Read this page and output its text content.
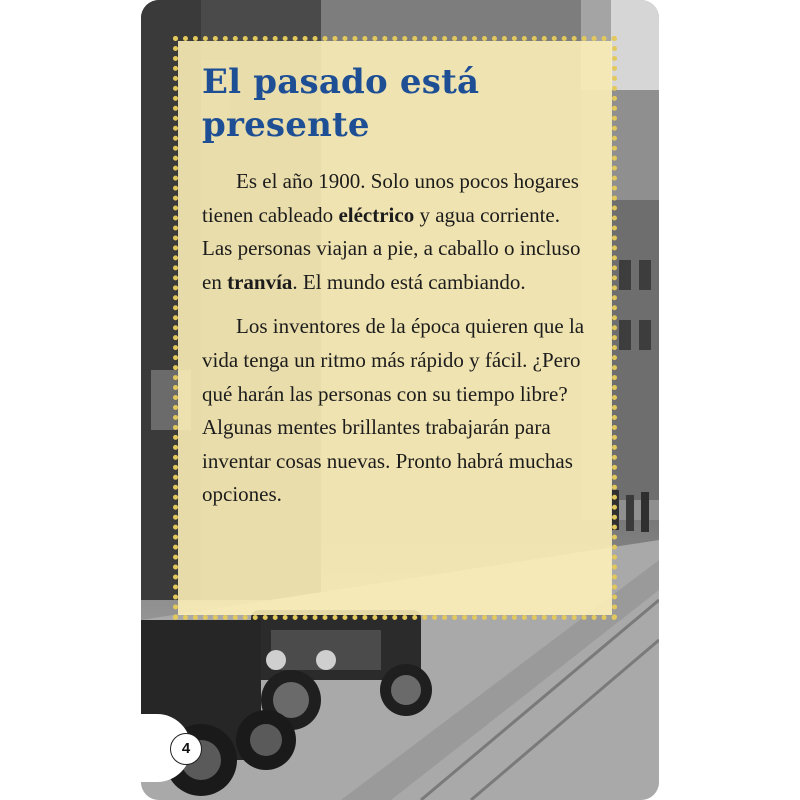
El pasado está presente

Es el año 1900. Solo unos pocos hogares tienen cableado eléctrico y agua corriente. Las personas viajan a pie, a caballo o incluso en tranvía. El mundo está cambiando.

Los inventores de la época quieren que la vida tenga un ritmo más rápido y fácil. ¿Pero qué harán las personas con su tiempo libre? Algunas mentes brillantes trabajarán para inventar cosas nuevas. Pronto habrá muchas opciones.

4
